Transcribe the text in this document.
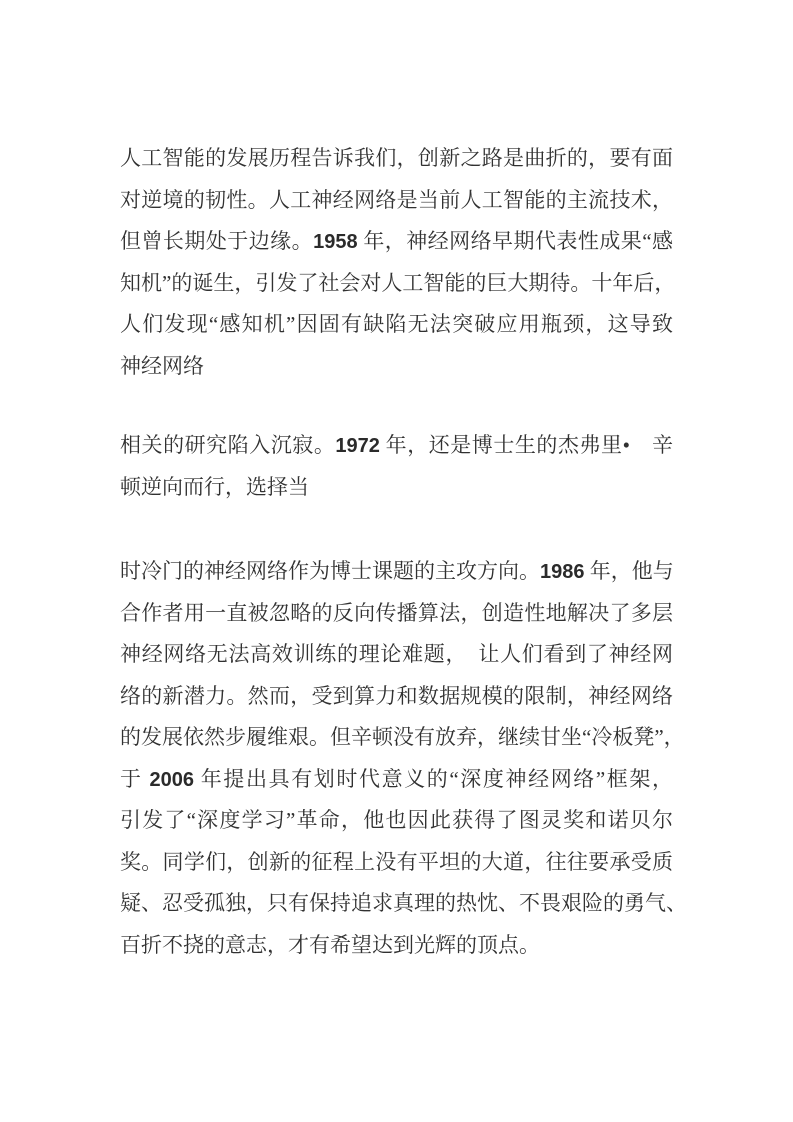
人工智能的发展历程告诉我们，创新之路是曲折的，要有面
对逆境的韧性。人工神经网络是当前人工智能的主流技术，
但曾长期处于边缘。1958 年，神经网络早期代表性成果“感
知机”的诞生，引发了社会对人工智能的巨大期待。十年后，
人们发现“感知机”因固有缺陷无法突破应用瓶颈，这导致
神经网络
相关的研究陷入沉寂。1972 年，还是博士生的杰弗里•　辛
顿逆向而行，选择当
时冷门的神经网络作为博士课题的主攻方向。1986 年，他与
合作者用一直被忽略的反向传播算法，创造性地解决了多层
神经网络无法高效训练的理论难题，　让人们看到了神经网
络的新潜力。然而，受到算力和数据规模的限制，神经网络
的发展依然步履维艰。但辛顿没有放弃，继续甘坐“冷板凳”，
于 2006 年提出具有划时代意义的“深度神经网络”框架，
引发了“深度学习”革命，他也因此获得了图灵奖和诺贝尔
奖。同学们，创新的征程上没有平坦的大道，往往要承受质
疑、忍受孤独，只有保持追求真理的热忱、不畏艰险的勇气、
百折不挠的意志，才有希望达到光辉的顶点。
